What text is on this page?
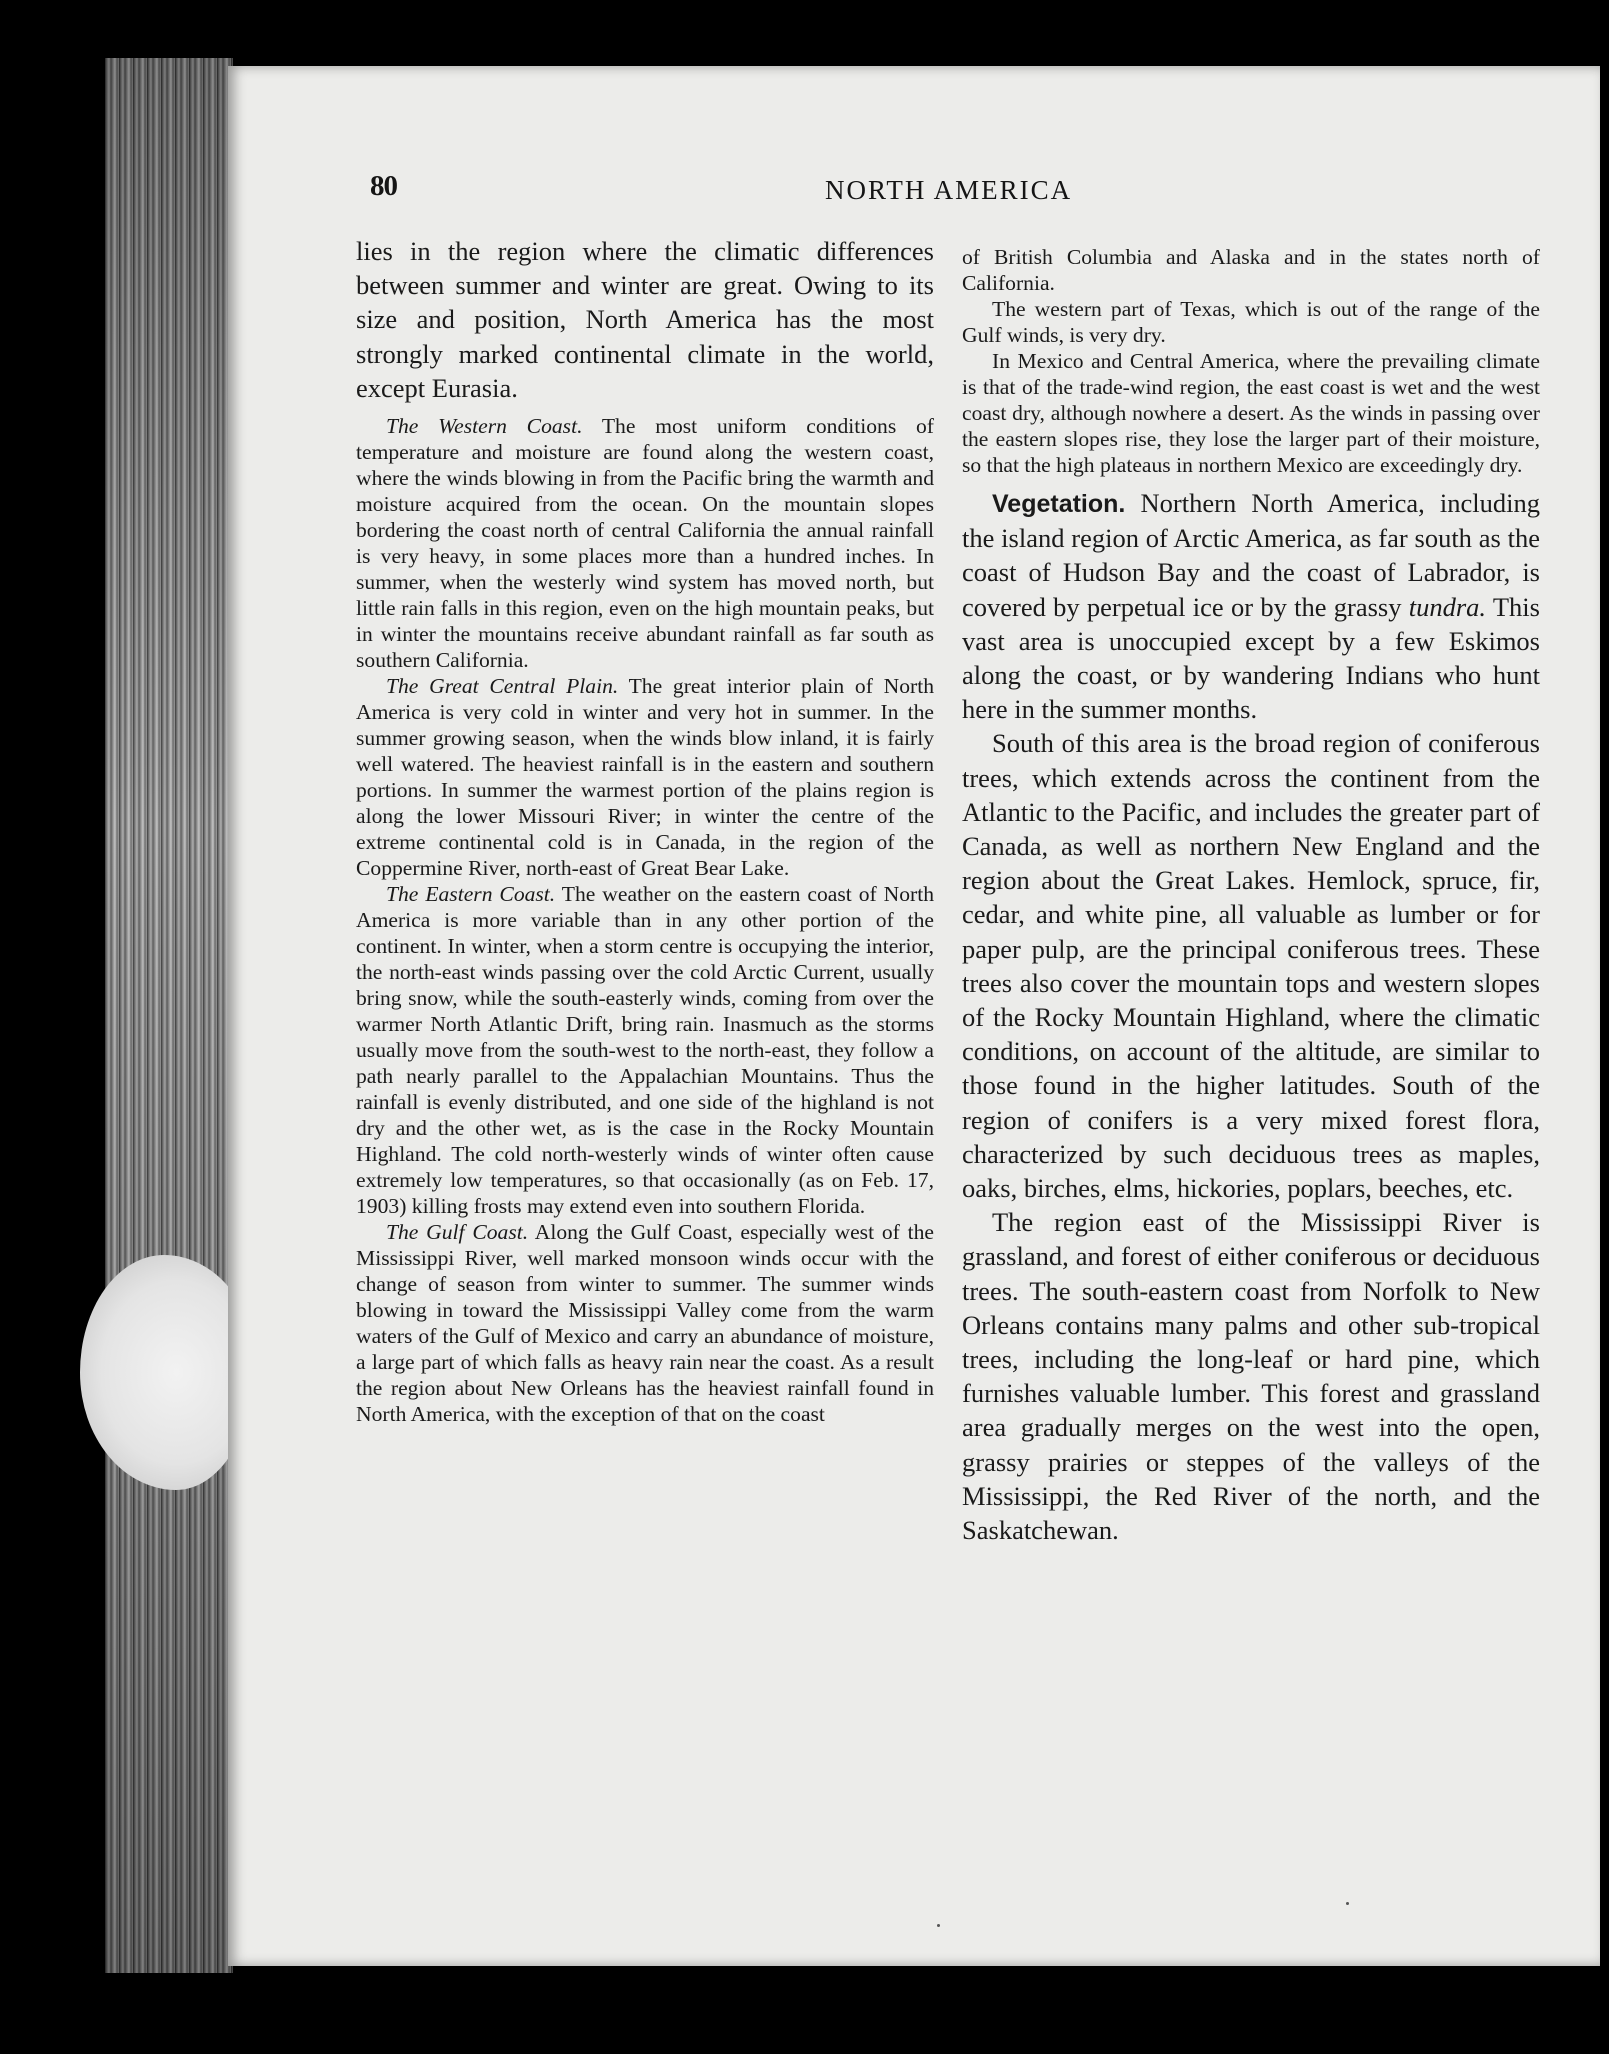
80	NORTH AMERICA

lies in the region where the climatic differences between summer and winter are great. Owing to its size and position, North America has the most strongly marked continental climate in the world, except Eurasia.

The Western Coast. The most uniform conditions of temperature and moisture are found along the western coast, where the winds blowing in from the Pacific bring the warmth and moisture acquired from the ocean. On the mountain slopes bordering the coast north of central California the annual rainfall is very heavy, in some places more than a hundred inches. In summer, when the westerly wind system has moved north, but little rain falls in this region, even on the high mountain peaks, but in winter the mountains receive abundant rainfall as far south as southern California.

The Great Central Plain. The great interior plain of North America is very cold in winter and very hot in summer. In the summer growing season, when the winds blow inland, it is fairly well watered. The heaviest rainfall is in the eastern and southern portions. In summer the warmest portion of the plains region is along the lower Missouri River; in winter the centre of the extreme continental cold is in Canada, in the region of the Coppermine River, north-east of Great Bear Lake.

The Eastern Coast. The weather on the eastern coast of North America is more variable than in any other portion of the continent. In winter, when a storm centre is occupying the interior, the north-east winds passing over the cold Arctic Current, usually bring snow, while the south-easterly winds, coming from over the warmer North Atlantic Drift, bring rain. Inasmuch as the storms usually move from the south-west to the north-east, they follow a path nearly parallel to the Appalachian Mountains. Thus the rainfall is evenly distributed, and one side of the highland is not dry and the other wet, as is the case in the Rocky Mountain Highland. The cold north-westerly winds of winter often cause extremely low temperatures, so that occasionally (as on Feb. 17, 1903) killing frosts may extend even into southern Florida.

The Gulf Coast. Along the Gulf Coast, especially west of the Mississippi River, well marked monsoon winds occur with the change of season from winter to summer. The summer winds blowing in toward the Mississippi Valley come from the warm waters of the Gulf of Mexico and carry an abundance of moisture, a large part of which falls as heavy rain near the coast. As a result the region about New Orleans has the heaviest rainfall found in North America, with the exception of that on the coast

of British Columbia and Alaska and in the states north of California.

The western part of Texas, which is out of the range of the Gulf winds, is very dry.

In Mexico and Central America, where the prevailing climate is that of the trade-wind region, the east coast is wet and the west coast dry, although nowhere a desert. As the winds in passing over the eastern slopes rise, they lose the larger part of their moisture, so that the high plateaus in northern Mexico are exceedingly dry.

Vegetation. Northern North America, including the island region of Arctic America, as far south as the coast of Hudson Bay and the coast of Labrador, is covered by perpetual ice or by the grassy tundra. This vast area is unoccupied except by a few Eskimos along the coast, or by wandering Indians who hunt here in the summer months.

South of this area is the broad region of coniferous trees, which extends across the continent from the Atlantic to the Pacific, and includes the greater part of Canada, as well as northern New England and the region about the Great Lakes. Hemlock, spruce, fir, cedar, and white pine, all valuable as lumber or for paper pulp, are the principal coniferous trees. These trees also cover the mountain tops and western slopes of the Rocky Mountain Highland, where the climatic conditions, on account of the altitude, are similar to those found in the higher latitudes. South of the region of conifers is a very mixed forest flora, characterized by such deciduous trees as maples, oaks, birches, elms, hickories, poplars, beeches, etc.

The region east of the Mississippi River is grassland, and forest of either coniferous or deciduous trees. The south-eastern coast from Norfolk to New Orleans contains many palms and other sub-tropical trees, including the long-leaf or hard pine, which furnishes valuable lumber. This forest and grassland area gradually merges on the west into the open, grassy prairies or steppes of the valleys of the Mississippi, the Red River of the north, and the Saskatchewan.
